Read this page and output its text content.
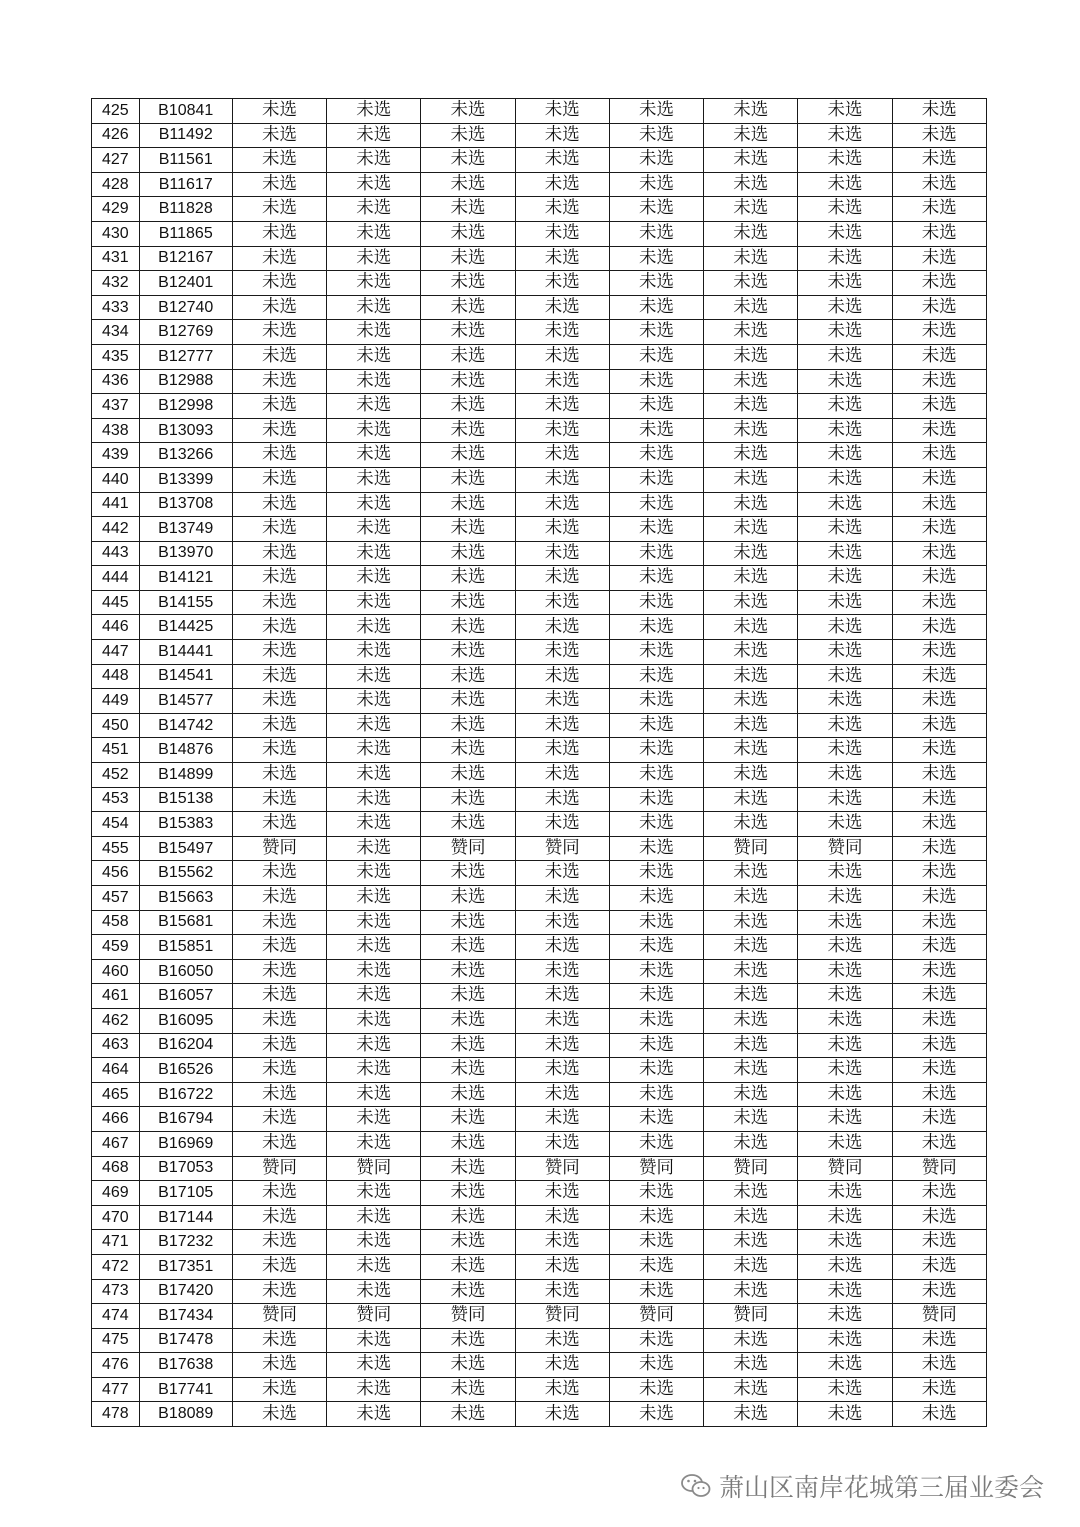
425	B10841	未选	未选	未选	未选	未选	未选	未选	未选
426	B11492	未选	未选	未选	未选	未选	未选	未选	未选
427	B11561	未选	未选	未选	未选	未选	未选	未选	未选
428	B11617	未选	未选	未选	未选	未选	未选	未选	未选
429	B11828	未选	未选	未选	未选	未选	未选	未选	未选
430	B11865	未选	未选	未选	未选	未选	未选	未选	未选
431	B12167	未选	未选	未选	未选	未选	未选	未选	未选
432	B12401	未选	未选	未选	未选	未选	未选	未选	未选
433	B12740	未选	未选	未选	未选	未选	未选	未选	未选
434	B12769	未选	未选	未选	未选	未选	未选	未选	未选
435	B12777	未选	未选	未选	未选	未选	未选	未选	未选
436	B12988	未选	未选	未选	未选	未选	未选	未选	未选
437	B12998	未选	未选	未选	未选	未选	未选	未选	未选
438	B13093	未选	未选	未选	未选	未选	未选	未选	未选
439	B13266	未选	未选	未选	未选	未选	未选	未选	未选
440	B13399	未选	未选	未选	未选	未选	未选	未选	未选
441	B13708	未选	未选	未选	未选	未选	未选	未选	未选
442	B13749	未选	未选	未选	未选	未选	未选	未选	未选
443	B13970	未选	未选	未选	未选	未选	未选	未选	未选
444	B14121	未选	未选	未选	未选	未选	未选	未选	未选
445	B14155	未选	未选	未选	未选	未选	未选	未选	未选
446	B14425	未选	未选	未选	未选	未选	未选	未选	未选
447	B14441	未选	未选	未选	未选	未选	未选	未选	未选
448	B14541	未选	未选	未选	未选	未选	未选	未选	未选
449	B14577	未选	未选	未选	未选	未选	未选	未选	未选
450	B14742	未选	未选	未选	未选	未选	未选	未选	未选
451	B14876	未选	未选	未选	未选	未选	未选	未选	未选
452	B14899	未选	未选	未选	未选	未选	未选	未选	未选
453	B15138	未选	未选	未选	未选	未选	未选	未选	未选
454	B15383	未选	未选	未选	未选	未选	未选	未选	未选
455	B15497	赞同	未选	赞同	赞同	未选	赞同	赞同	未选
456	B15562	未选	未选	未选	未选	未选	未选	未选	未选
457	B15663	未选	未选	未选	未选	未选	未选	未选	未选
458	B15681	未选	未选	未选	未选	未选	未选	未选	未选
459	B15851	未选	未选	未选	未选	未选	未选	未选	未选
460	B16050	未选	未选	未选	未选	未选	未选	未选	未选
461	B16057	未选	未选	未选	未选	未选	未选	未选	未选
462	B16095	未选	未选	未选	未选	未选	未选	未选	未选
463	B16204	未选	未选	未选	未选	未选	未选	未选	未选
464	B16526	未选	未选	未选	未选	未选	未选	未选	未选
465	B16722	未选	未选	未选	未选	未选	未选	未选	未选
466	B16794	未选	未选	未选	未选	未选	未选	未选	未选
467	B16969	未选	未选	未选	未选	未选	未选	未选	未选
468	B17053	赞同	赞同	未选	赞同	赞同	赞同	赞同	赞同
469	B17105	未选	未选	未选	未选	未选	未选	未选	未选
470	B17144	未选	未选	未选	未选	未选	未选	未选	未选
471	B17232	未选	未选	未选	未选	未选	未选	未选	未选
472	B17351	未选	未选	未选	未选	未选	未选	未选	未选
473	B17420	未选	未选	未选	未选	未选	未选	未选	未选
474	B17434	赞同	赞同	赞同	赞同	赞同	赞同	未选	赞同
475	B17478	未选	未选	未选	未选	未选	未选	未选	未选
476	B17638	未选	未选	未选	未选	未选	未选	未选	未选
477	B17741	未选	未选	未选	未选	未选	未选	未选	未选
478	B18089	未选	未选	未选	未选	未选	未选	未选	未选
萧山区南岸花城第三届业委会
